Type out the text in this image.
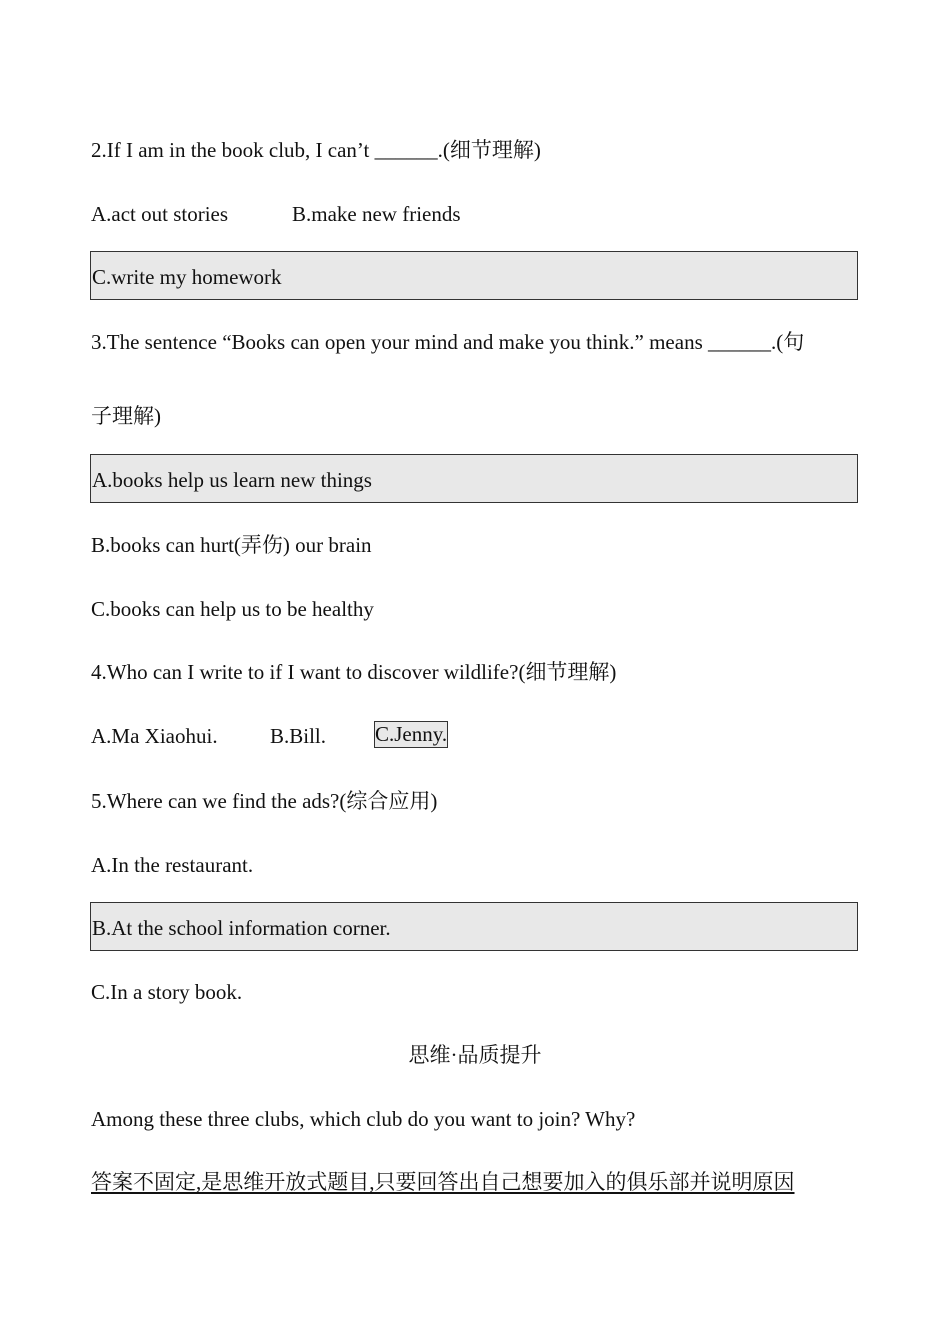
2.If I am in the book club, I can’t ______.(细节理解)
A.act out stories	B.make new friends
C.write my homework
3.The sentence “Books can open your mind and make you think.” means ______.(句
子理解)
A.books help us learn new things
B.books can hurt(弄伤) our brain
C.books can help us to be healthy
4.Who can I write to if I want to discover wildlife?(细节理解)
A.Ma Xiaohui. B.Bill. C.Jenny.
5.Where can we find the ads?(综合应用)
A.In the restaurant.
B.At the school information corner.
C.In a story book.
思维·品质提升
Among these three clubs, which club do you want to join? Why?
答案不固定,是思维开放式题目,只要回答出自己想要加入的俱乐部并说明原因
